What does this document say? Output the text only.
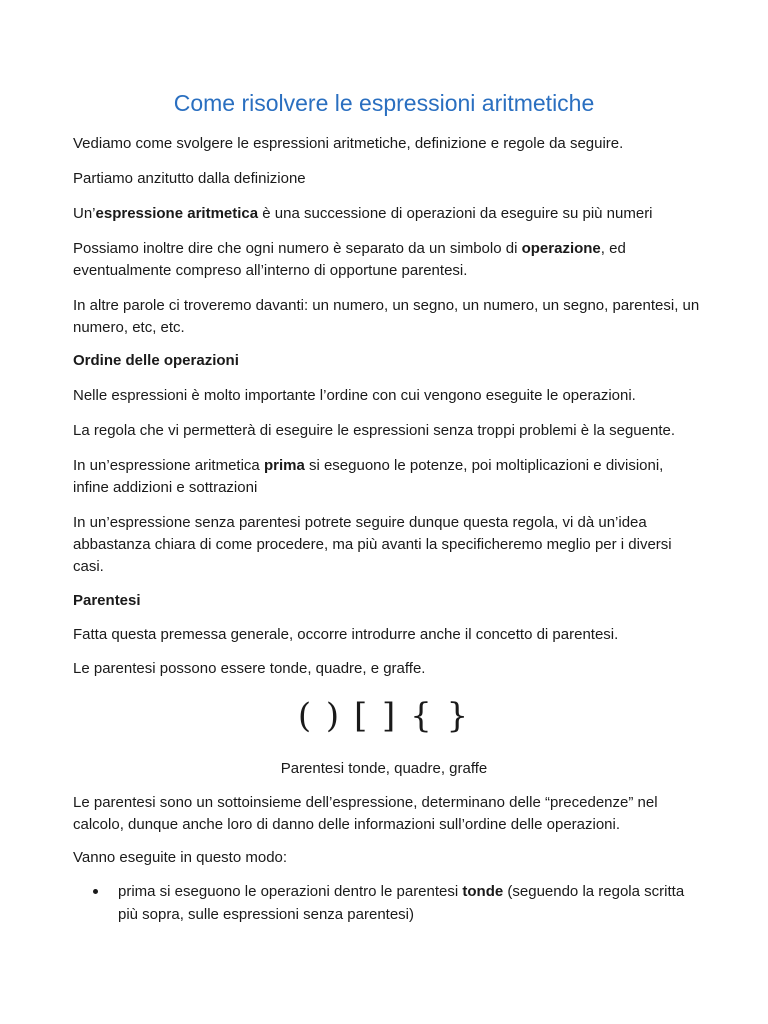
Come risolvere le espressioni aritmetiche

Vediamo come svolgere le espressioni aritmetiche, definizione e regole da seguire.

Partiamo anzitutto dalla definizione

Un’espressione aritmetica è una successione di operazioni da eseguire su più numeri

Possiamo inoltre dire che ogni numero è separato da un simbolo di operazione, ed eventualmente compreso all’interno di opportune parentesi.

In altre parole ci troveremo davanti: un numero, un segno, un numero, un segno, parentesi, un numero, etc, etc.

Ordine delle operazioni

Nelle espressioni è molto importante l’ordine con cui vengono eseguite le operazioni.

La regola che vi permetterà di eseguire le espressioni senza troppi problemi è la seguente.

In un’espressione aritmetica prima si eseguono le potenze, poi moltiplicazioni e divisioni, infine addizioni e sottrazioni

In un’espressione senza parentesi potrete seguire dunque questa regola, vi dà un’idea abbastanza chiara di come procedere, ma più avanti la specificheremo meglio per i diversi casi.

Parentesi

Fatta questa premessa generale, occorre introdurre anche il concetto di parentesi.

Le parentesi possono essere tonde, quadre, e graffe.

( ) [ ] { }
Parentesi tonde, quadre, graffe

Le parentesi sono un sottoinsieme dell’espressione, determinano delle “precedenze” nel calcolo, dunque anche loro di danno delle informazioni sull’ordine delle operazioni.

Vanno eseguite in questo modo:

prima si eseguono le operazioni dentro le parentesi tonde (seguendo la regola scritta più sopra, sulle espressioni senza parentesi)
